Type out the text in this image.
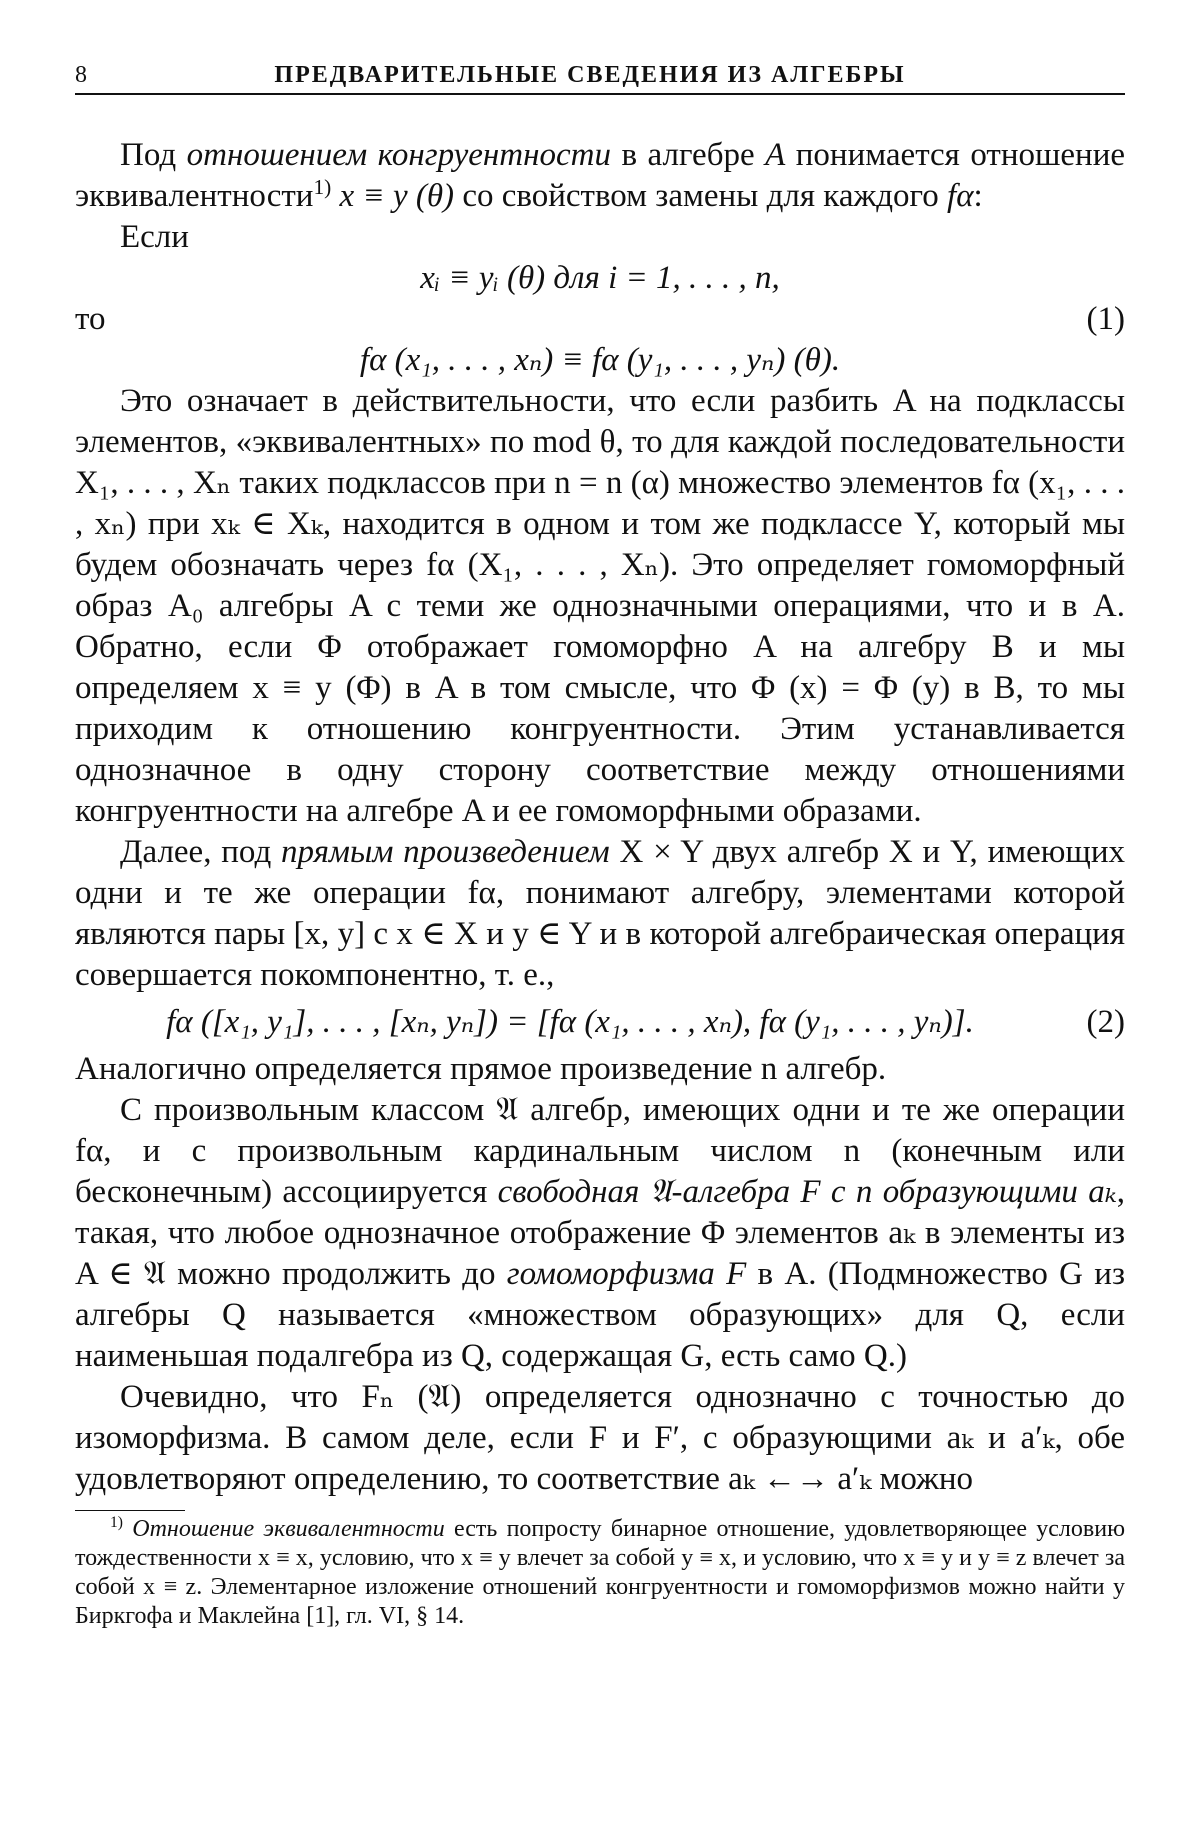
8	ПРЕДВАРИТЕЛЬНЫЕ СВЕДЕНИЯ ИЗ АЛГЕБРЫ

Под отношением конгруентности в алгебре A понимается отношение эквивалентности$^{1)}$ x ≡ y (θ) со свойством замены для каждого fα:

Если

xᵢ ≡ yᵢ (θ) для i = 1, . . . , n,
то	(1)
fα (x₁, . . . , xₙ) ≡ fα (y₁, . . . , yₙ) (θ).

Это означает в действительности, что если разбить A на подклассы элементов, «эквивалентных» по mod θ, то для каждой последовательности X₁, . . . , Xₙ таких подклассов при n = n (α) множество элементов fα (x₁, . . . , xₙ) при xₖ ∈ Xₖ, находится в одном и том же подклассе Y, который мы будем обозначать через fα (X₁, . . . , Xₙ). Это определяет гомоморфный образ A₀ алгебры A с теми же однозначными операциями, что и в A. Обратно, если Φ отображает гомоморфно A на алгебру B и мы определяем x ≡ y (Φ) в A в том смысле, что Φ (x) = Φ (y) в B, то мы приходим к отношению конгруентности. Этим устанавливается однозначное в одну сторону соответствие между отношениями конгруентности на алгебре A и ее гомоморфными образами.

Далее, под прямым произведением X × Y двух алгебр X и Y, имеющих одни и те же операции fα, понимают алгебру, элементами которой являются пары [x, y] с x ∈ X и y ∈ Y и в которой алгебраическая операция совершается покомпонентно, т. е.,

fα ([x₁, y₁], . . . , [xₙ, yₙ]) = [fα (x₁, . . . , xₙ), fα (y₁, . . . , yₙ)].	(2)

Аналогично определяется прямое произведение n алгебр.

С произвольным классом 𝔄 алгебр, имеющих одни и те же операции fα, и с произвольным кардинальным числом n (конечным или бесконечным) ассоциируется свободная 𝔄-алгебра F с n образующими aₖ, такая, что любое однозначное отображение Φ элементов aₖ в элементы из A ∈ 𝔄 можно продолжить до гомоморфизма F в A. (Подмножество G из алгебры Q называется «множеством образующих» для Q, если наименьшая подалгебра из Q, содержащая G, есть само Q.)

Очевидно, что Fₙ (𝔄) определяется однозначно с точностью до изоморфизма. В самом деле, если F и F′, с образующими aₖ и a′ₖ, обе удовлетворяют определению, то соответствие aₖ ←→ a′ₖ можно

$^{1)}$ Отношение эквивалентности есть попросту бинарное отношение, удовлетворяющее условию тождественности x ≡ x, условию, что x ≡ y влечет за собой y ≡ x, и условию, что x ≡ y и y ≡ z влечет за собой x ≡ z. Элементарное изложение отношений конгруентности и гомоморфизмов можно найти у Биркгофа и Маклейна [1], гл. VI, § 14.
